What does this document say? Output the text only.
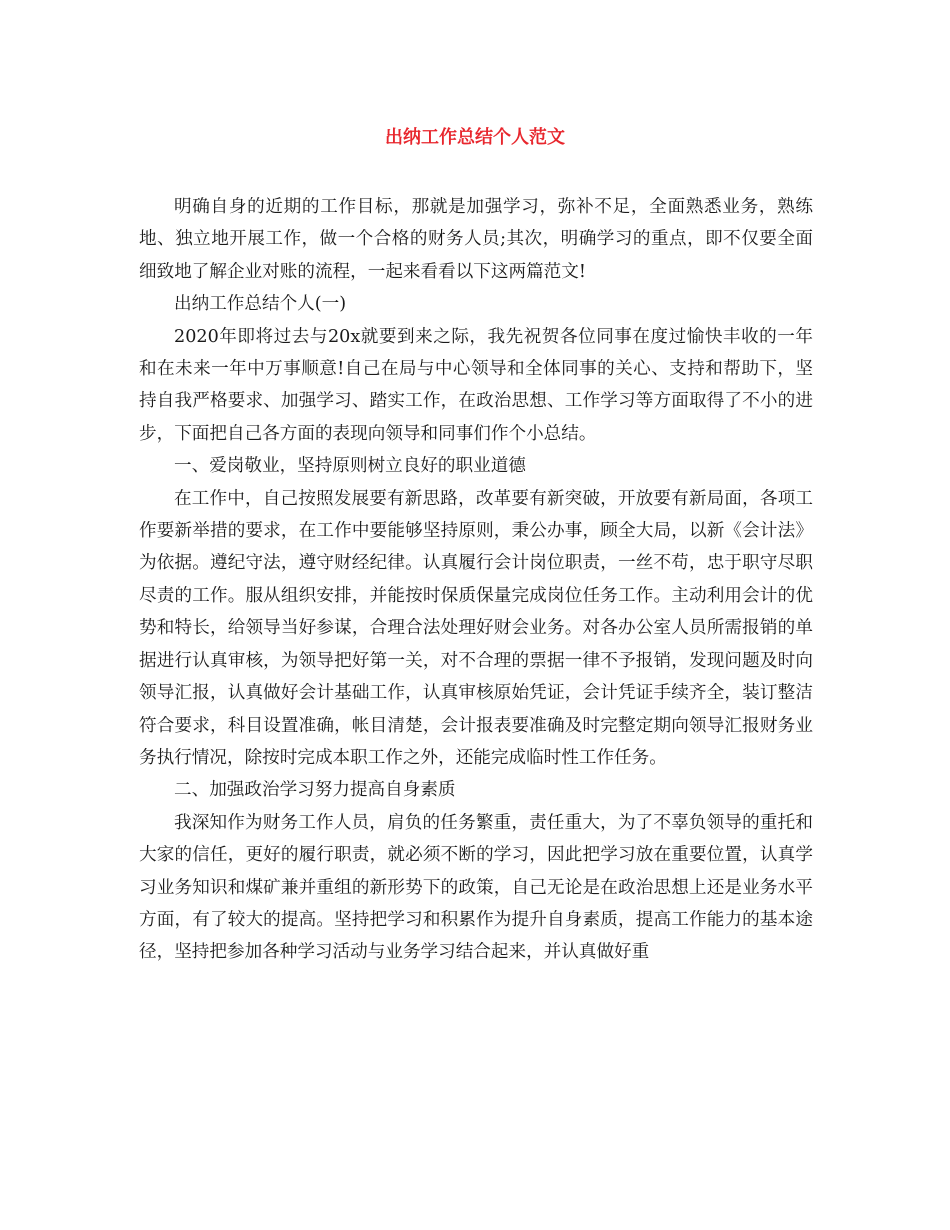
出纳工作总结个人范文

明确自身的近期的工作目标，那就是加强学习，弥补不足，全面熟悉业务，熟练地、独立地开展工作，做一个合格的财务人员;其次，明确学习的重点，即不仅要全面细致地了解企业对账的流程，一起来看看以下这两篇范文!

出纳工作总结个人(一)

2020年即将过去与20x就要到来之际，我先祝贺各位同事在度过愉快丰收的一年和在未来一年中万事顺意!自己在局与中心领导和全体同事的关心、支持和帮助下，坚持自我严格要求、加强学习、踏实工作，在政治思想、工作学习等方面取得了不小的进步，下面把自己各方面的表现向领导和同事们作个小总结。

一、爱岗敬业，坚持原则树立良好的职业道德

在工作中，自己按照发展要有新思路，改革要有新突破，开放要有新局面，各项工作要新举措的要求，在工作中要能够坚持原则，秉公办事，顾全大局，以新《会计法》为依据。遵纪守法，遵守财经纪律。认真履行会计岗位职责，一丝不苟，忠于职守尽职尽责的工作。服从组织安排，并能按时保质保量完成岗位任务工作。主动利用会计的优势和特长，给领导当好参谋，合理合法处理好财会业务。对各办公室人员所需报销的单据进行认真审核，为领导把好第一关，对不合理的票据一律不予报销，发现问题及时向领导汇报，认真做好会计基础工作，认真审核原始凭证，会计凭证手续齐全，装订整洁符合要求，科目设置准确，帐目清楚，会计报表要准确及时完整定期向领导汇报财务业务执行情况，除按时完成本职工作之外，还能完成临时性工作任务。

二、加强政治学习努力提高自身素质

我深知作为财务工作人员，肩负的任务繁重，责任重大，为了不辜负领导的重托和大家的信任，更好的履行职责，就必须不断的学习，因此把学习放在重要位置，认真学习业务知识和煤矿兼并重组的新形势下的政策，自己无论是在政治思想上还是业务水平方面，有了较大的提高。坚持把学习和积累作为提升自身素质，提高工作能力的基本途径，坚持把参加各种学习活动与业务学习结合起来，并认真做好重
